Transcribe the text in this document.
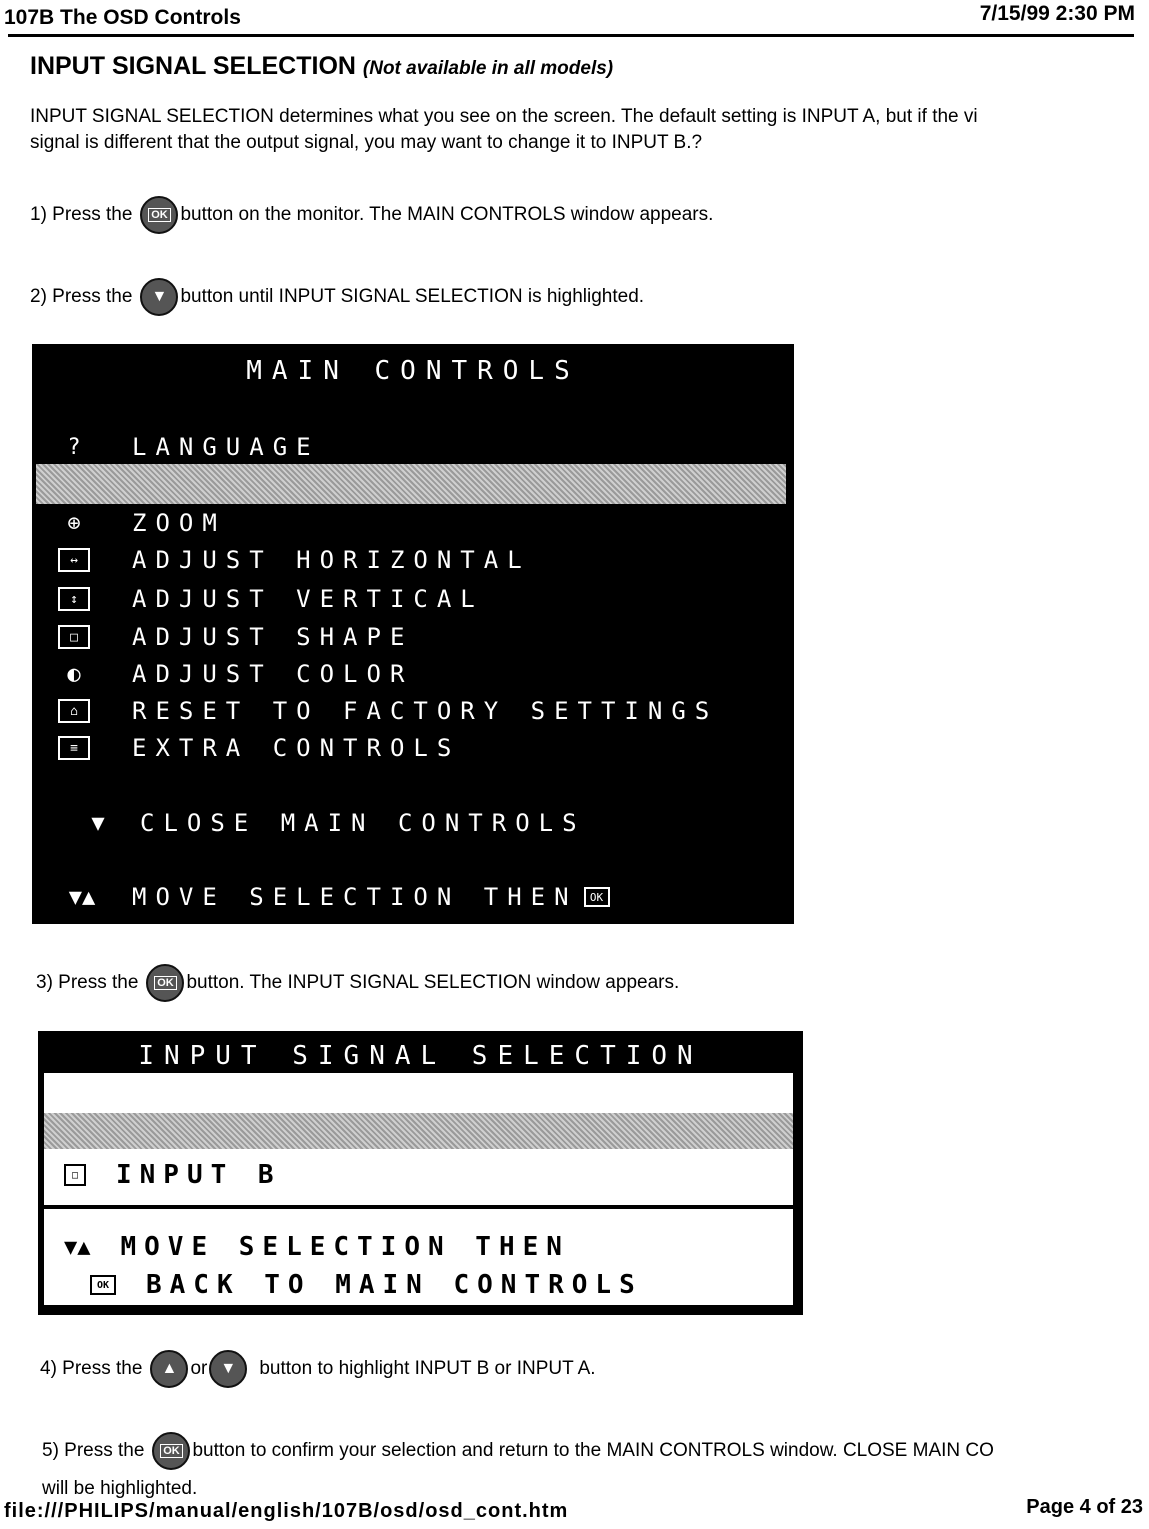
107B The OSD Controls	7/15/99 2:30 PM
INPUT SIGNAL SELECTION (Not available in all models)
INPUT SIGNAL SELECTION determines what you see on the screen. The default setting is INPUT A, but if the vi
signal is different that the output signal, you may want to change it to INPUT B.?
1) Press the OK button on the monitor. The MAIN CONTROLS window appears.
2) Press the	▼ button until INPUT SIGNAL SELECTION is highlighted.
MAIN CONTROLS
?	LANGUAGE
⊕	ZOOM
↔	ADJUST HORIZONTAL
↕	ADJUST VERTICAL
□	ADJUST SHAPE
◐	ADJUST COLOR
⌂	RESET TO FACTORY SETTINGS
≡	EXTRA CONTROLS
▼	CLOSE MAIN CONTROLS
▼▲	MOVE SELECTION THEN	OK
3) Press the OK button. The INPUT SIGNAL SELECTION window appears.
INPUT SIGNAL SELECTION
□	INPUT B
▼▲ MOVE SELECTION THEN
OK BACK TO MAIN CONTROLS
4) Press the	▲ or ▼	button to highlight INPUT B or INPUT A.
5) Press the OK button to confirm your selection and return to the MAIN CONTROLS window. CLOSE MAIN CO
will be highlighted.
file:///PHILIPS/manual/english/107B/osd/osd_cont.htm	Page 4 of 23
